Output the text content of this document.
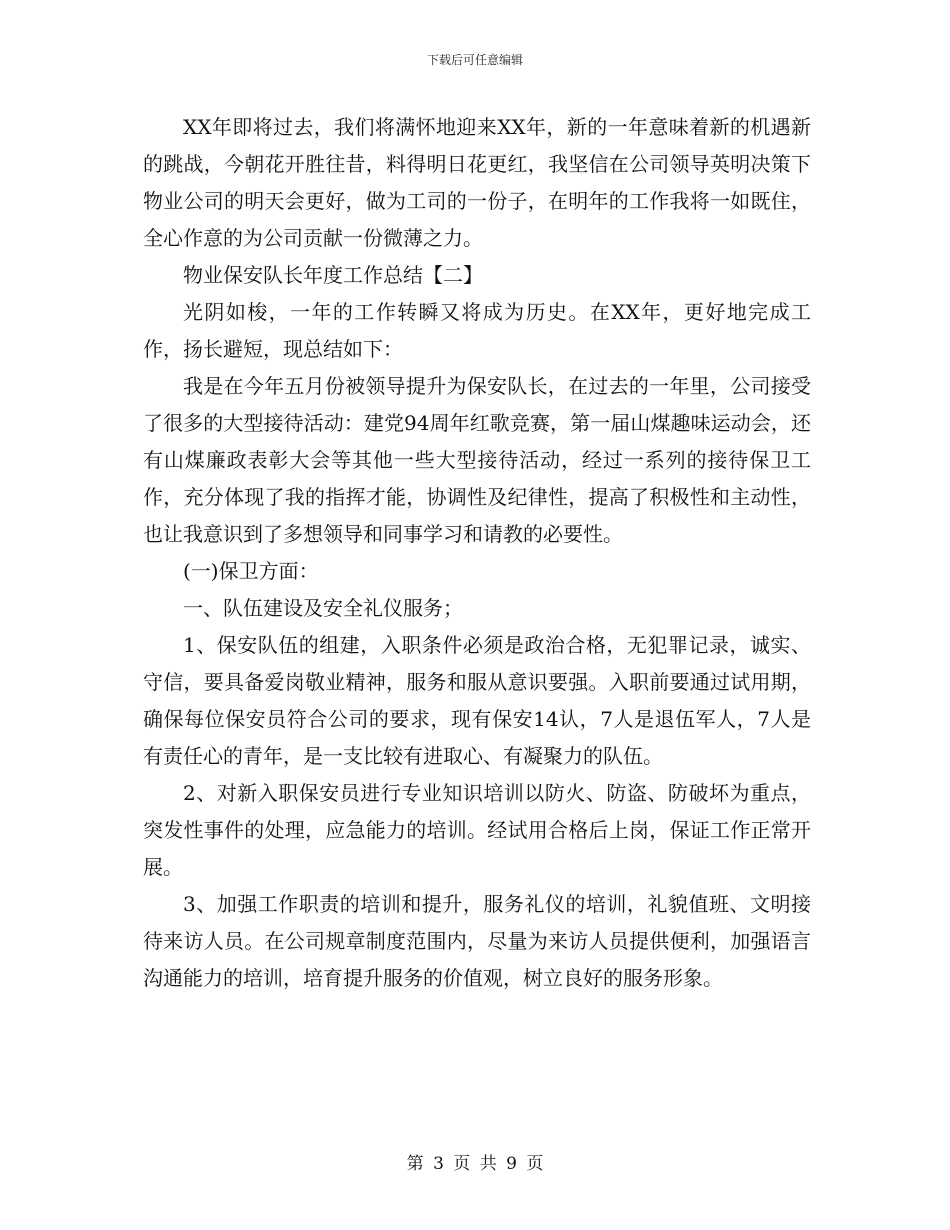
下载后可任意编辑

XX年即将过去，我们将满怀地迎来XX年，新的一年意味着新的机遇新的跳战，今朝花开胜往昔，料得明日花更红，我坚信在公司领导英明决策下物业公司的明天会更好，做为工司的一份子，在明年的工作我将一如既住，全心作意的为公司贡献一份微薄之力。

物业保安队长年度工作总结【二】

光阴如梭，一年的工作转瞬又将成为历史。在XX年，更好地完成工作，扬长避短，现总结如下：

我是在今年五月份被领导提升为保安队长，在过去的一年里，公司接受了很多的大型接待活动：建党94周年红歌竞赛，第一届山煤趣味运动会，还有山煤廉政表彰大会等其他一些大型接待活动，经过一系列的接待保卫工作，充分体现了我的指挥才能，协调性及纪律性，提高了积极性和主动性，也让我意识到了多想领导和同事学习和请教的必要性。

(一)保卫方面：

一、队伍建设及安全礼仪服务；

1、保安队伍的组建，入职条件必须是政治合格，无犯罪记录，诚实、守信，要具备爱岗敬业精神，服务和服从意识要强。入职前要通过试用期，确保每位保安员符合公司的要求，现有保安14认，7人是退伍军人，7人是有责任心的青年，是一支比较有进取心、有凝聚力的队伍。

2、对新入职保安员进行专业知识培训以防火、防盗、防破坏为重点，突发性事件的处理，应急能力的培训。经试用合格后上岗，保证工作正常开展。

3、加强工作职责的培训和提升，服务礼仪的培训，礼貌值班、文明接待来访人员。在公司规章制度范围内，尽量为来访人员提供便利，加强语言沟通能力的培训，培育提升服务的价值观，树立良好的服务形象。

第 3 页 共 9 页
